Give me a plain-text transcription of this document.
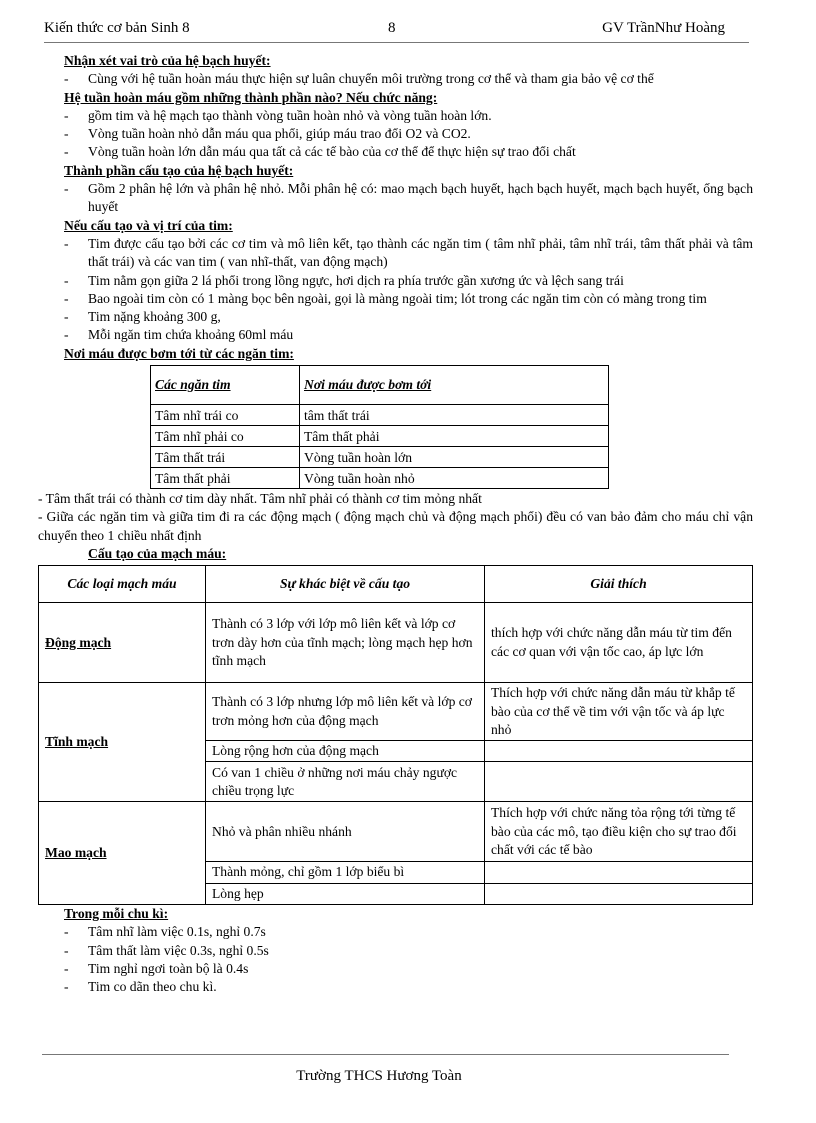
Kiến thức cơ bản Sinh 8	8	GV TrầnNhư Hoàng
Nhận xét vai trò của hệ bạch huyết:
- Cùng với hệ tuần hoàn máu thực hiện sự luân chuyển môi trường trong cơ thể và tham gia bảo vệ cơ thể
Hệ tuần hoàn máu gồm những thành phần nào? Nếu chức năng:
- gồm tim và hệ mạch tạo thành vòng tuần hoàn nhỏ và vòng tuần hoàn lớn.
- Vòng tuần hoàn nhỏ dẫn máu qua phổi, giúp máu trao đổi O2 và CO2.
- Vòng tuần hoàn lớn dẫn máu qua tất cả các tế bào của cơ thể để thực hiện sự trao đổi chất
Thành phần cấu tạo của hệ bạch huyết:
- Gồm 2 phân hệ lớn và phân hệ nhỏ. Mỗi phân hệ có: mao mạch bạch huyết, hạch bạch huyết, mạch bạch huyết, ống bạch huyết
Nếu cấu tạo và vị trí của tim:
- Tim được cấu tạo bởi các cơ tim và mô liên kết, tạo thành các ngăn tim ( tâm nhĩ phải, tâm nhĩ trái, tâm thất phải và tâm thất trái) và các van tim ( van nhĩ-thất, van động mạch)
- Tim nằm gọn giữa 2 lá phổi trong lồng ngực, hơi dịch ra phía trước gần xương ức và lệch sang trái
- Bao ngoài tim còn có 1 màng bọc bên ngoài, gọi là màng ngoài tim; lót trong các ngăn tim còn có màng trong tim
- Tim nặng khoảng 300 g,
- Mỗi ngăn tim chứa khoảng 60ml máu
Nơi máu được bơm tới từ các ngăn tim:
Các ngăn tim	Nơi máu được bơm tới
Tâm nhĩ trái co	tâm thất trái
Tâm nhĩ phải co	Tâm thất phải
Tâm thất trái	Vòng tuần hoàn lớn
Tâm thất phải	Vòng tuần hoàn nhỏ
- Tâm thất trái có thành cơ tim dày nhất. Tâm nhĩ phải có thành cơ tim mỏng nhất
- Giữa các ngăn tim và giữa tim đi ra các động mạch ( động mạch chủ và động mạch phổi) đều có van bảo đảm cho máu chỉ vận chuyển theo 1 chiều nhất định
Cấu tạo của mạch máu:
Các loại mạch máu	Sự khác biệt về cấu tạo	Giải thích
Động mạch	Thành có 3 lớp với lớp mô liên kết và lớp cơ trơn dày hơn của tĩnh mạch; lòng mạch hẹp hơn tĩnh mạch	thích hợp với chức năng dẫn máu từ tim đến các cơ quan với vận tốc cao, áp lực lớn
Tĩnh mạch	Thành có 3 lớp nhưng lớp mô liên kết và lớp cơ trơn mỏng hơn của động mạch	Thích hợp với chức năng dẫn máu từ khắp tế bào của cơ thể về tim với vận tốc và áp lực nhỏ
	Lòng rộng hơn của động mạch	
	Có van 1 chiều ở những nơi máu chảy ngược chiều trọng lực	
Mao mạch	Nhỏ và phân nhiều nhánh	Thích hợp với chức năng tỏa rộng tới từng tế bào của các mô, tạo điều kiện cho sự trao đổi chất với các tế bào
	Thành mỏng, chỉ gồm 1 lớp biểu bì	
	Lòng hẹp	
Trong mỗi chu kì:
- Tâm nhĩ làm việc 0.1s, nghỉ 0.7s
- Tâm thất làm việc 0.3s, nghỉ 0.5s
- Tim nghỉ ngơi toàn bộ là 0.4s
- Tim co dãn theo chu kì.
Trường THCS Hương Toàn
